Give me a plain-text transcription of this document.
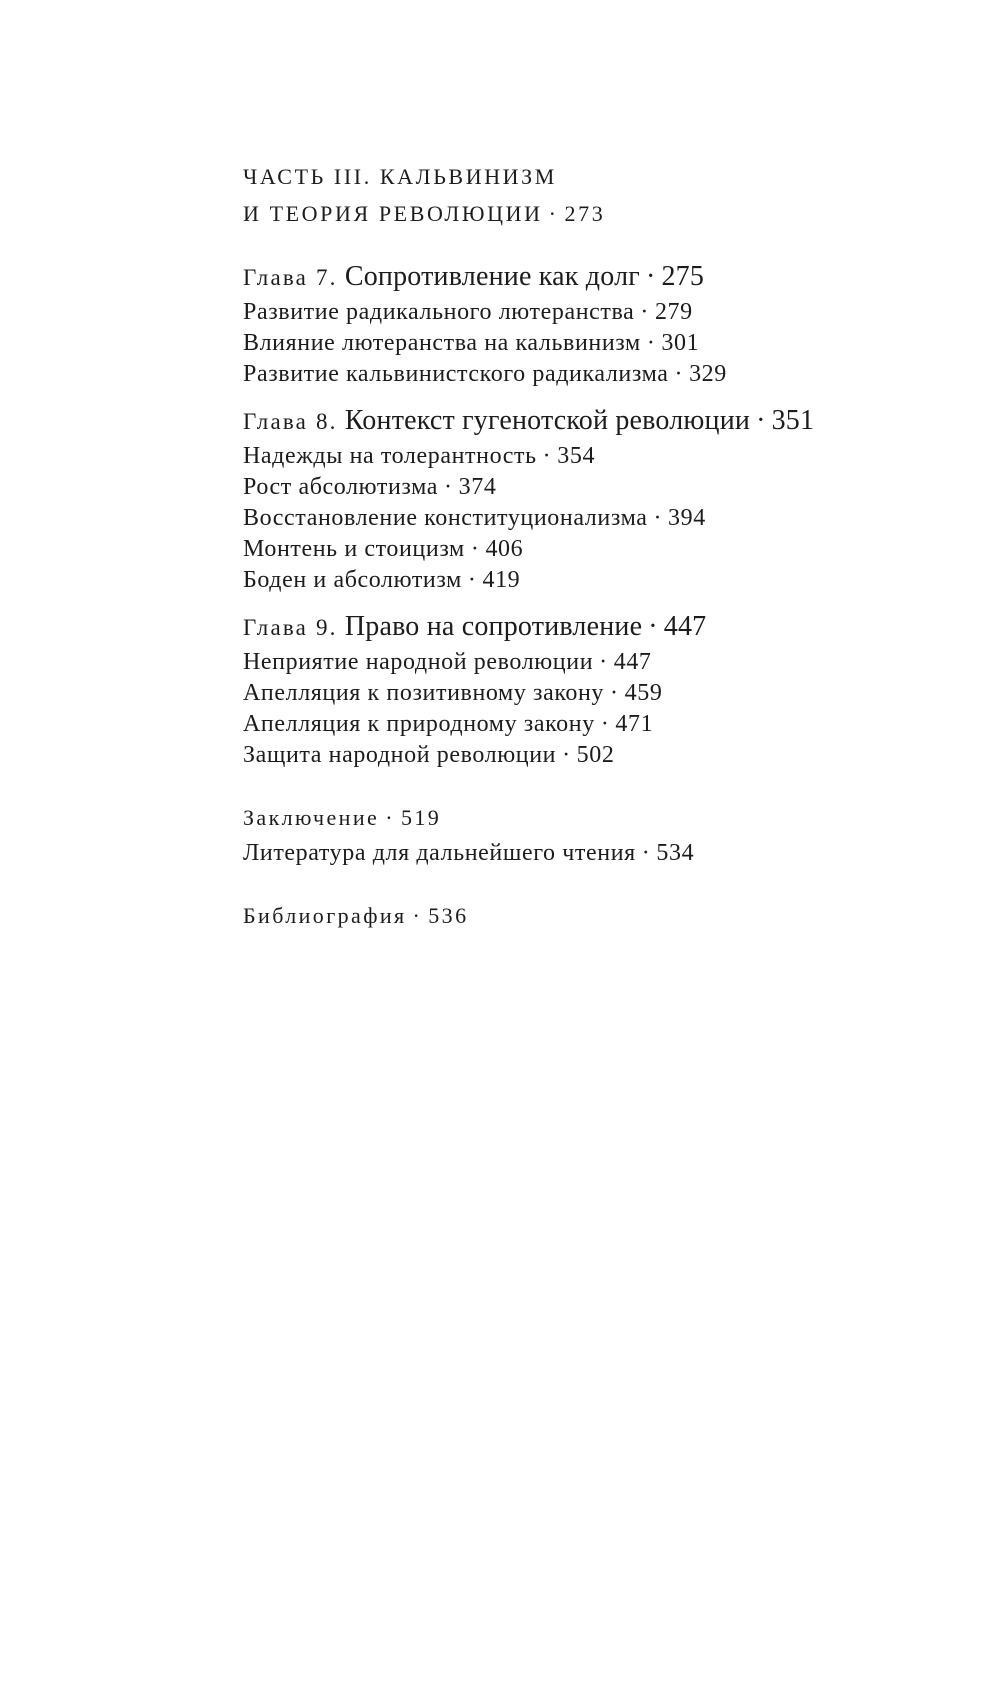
ЧАСТЬ III. КАЛЬВИНИЗМ
И ТЕОРИЯ РЕВОЛЮЦИИ · 273
Глава 7. Сопротивление как долг · 275
Развитие радикального лютеранства · 279
Влияние лютеранства на кальвинизм · 301
Развитие кальвинистского радикализма · 329
Глава 8. Контекст гугенотской революции · 351
Надежды на толерантность · 354
Рост абсолютизма · 374
Восстановление конституционализма · 394
Монтень и стоицизм · 406
Боден и абсолютизм · 419
Глава 9. Право на сопротивление · 447
Неприятие народной революции · 447
Апелляция к позитивному закону · 459
Апелляция к природному закону · 471
Защита народной революции · 502
Заключение · 519
Литература для дальнейшего чтения · 534
Библиография · 536
